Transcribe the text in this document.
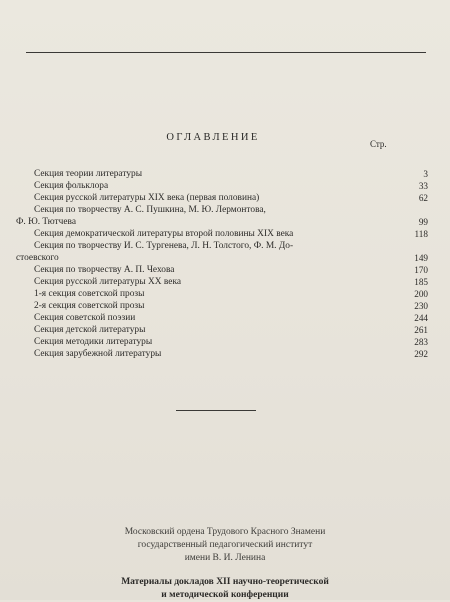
ОГЛАВЛЕНИЕ
Стр.
Секция теории литературы	3
Секция фольклора	33
Секция русской литературы XIX века (первая половина)	62
Секция по творчеству А. С. Пушкина, М. Ю. Лермонтова,
Ф. Ю. Тютчева	99
Секция демократической литературы второй половины XIX века	118
Секция по творчеству И. С. Тургенева, Л. Н. Толстого, Ф. М. До-
стоевского	149
Секция по творчеству А. П. Чехова	170
Секция русской литературы XX века	185
1-я секция советской прозы	200
2-я секция советской прозы	230
Секция советской поэзии	244
Секция детской литературы	261
Секция методики литературы	283
Секция зарубежной литературы	292
Московский ордена Трудового Красного Знамени
государственный педагогический институт
имени В. И. Ленина
Материалы докладов XII научно-теоретической
и методической конференции
